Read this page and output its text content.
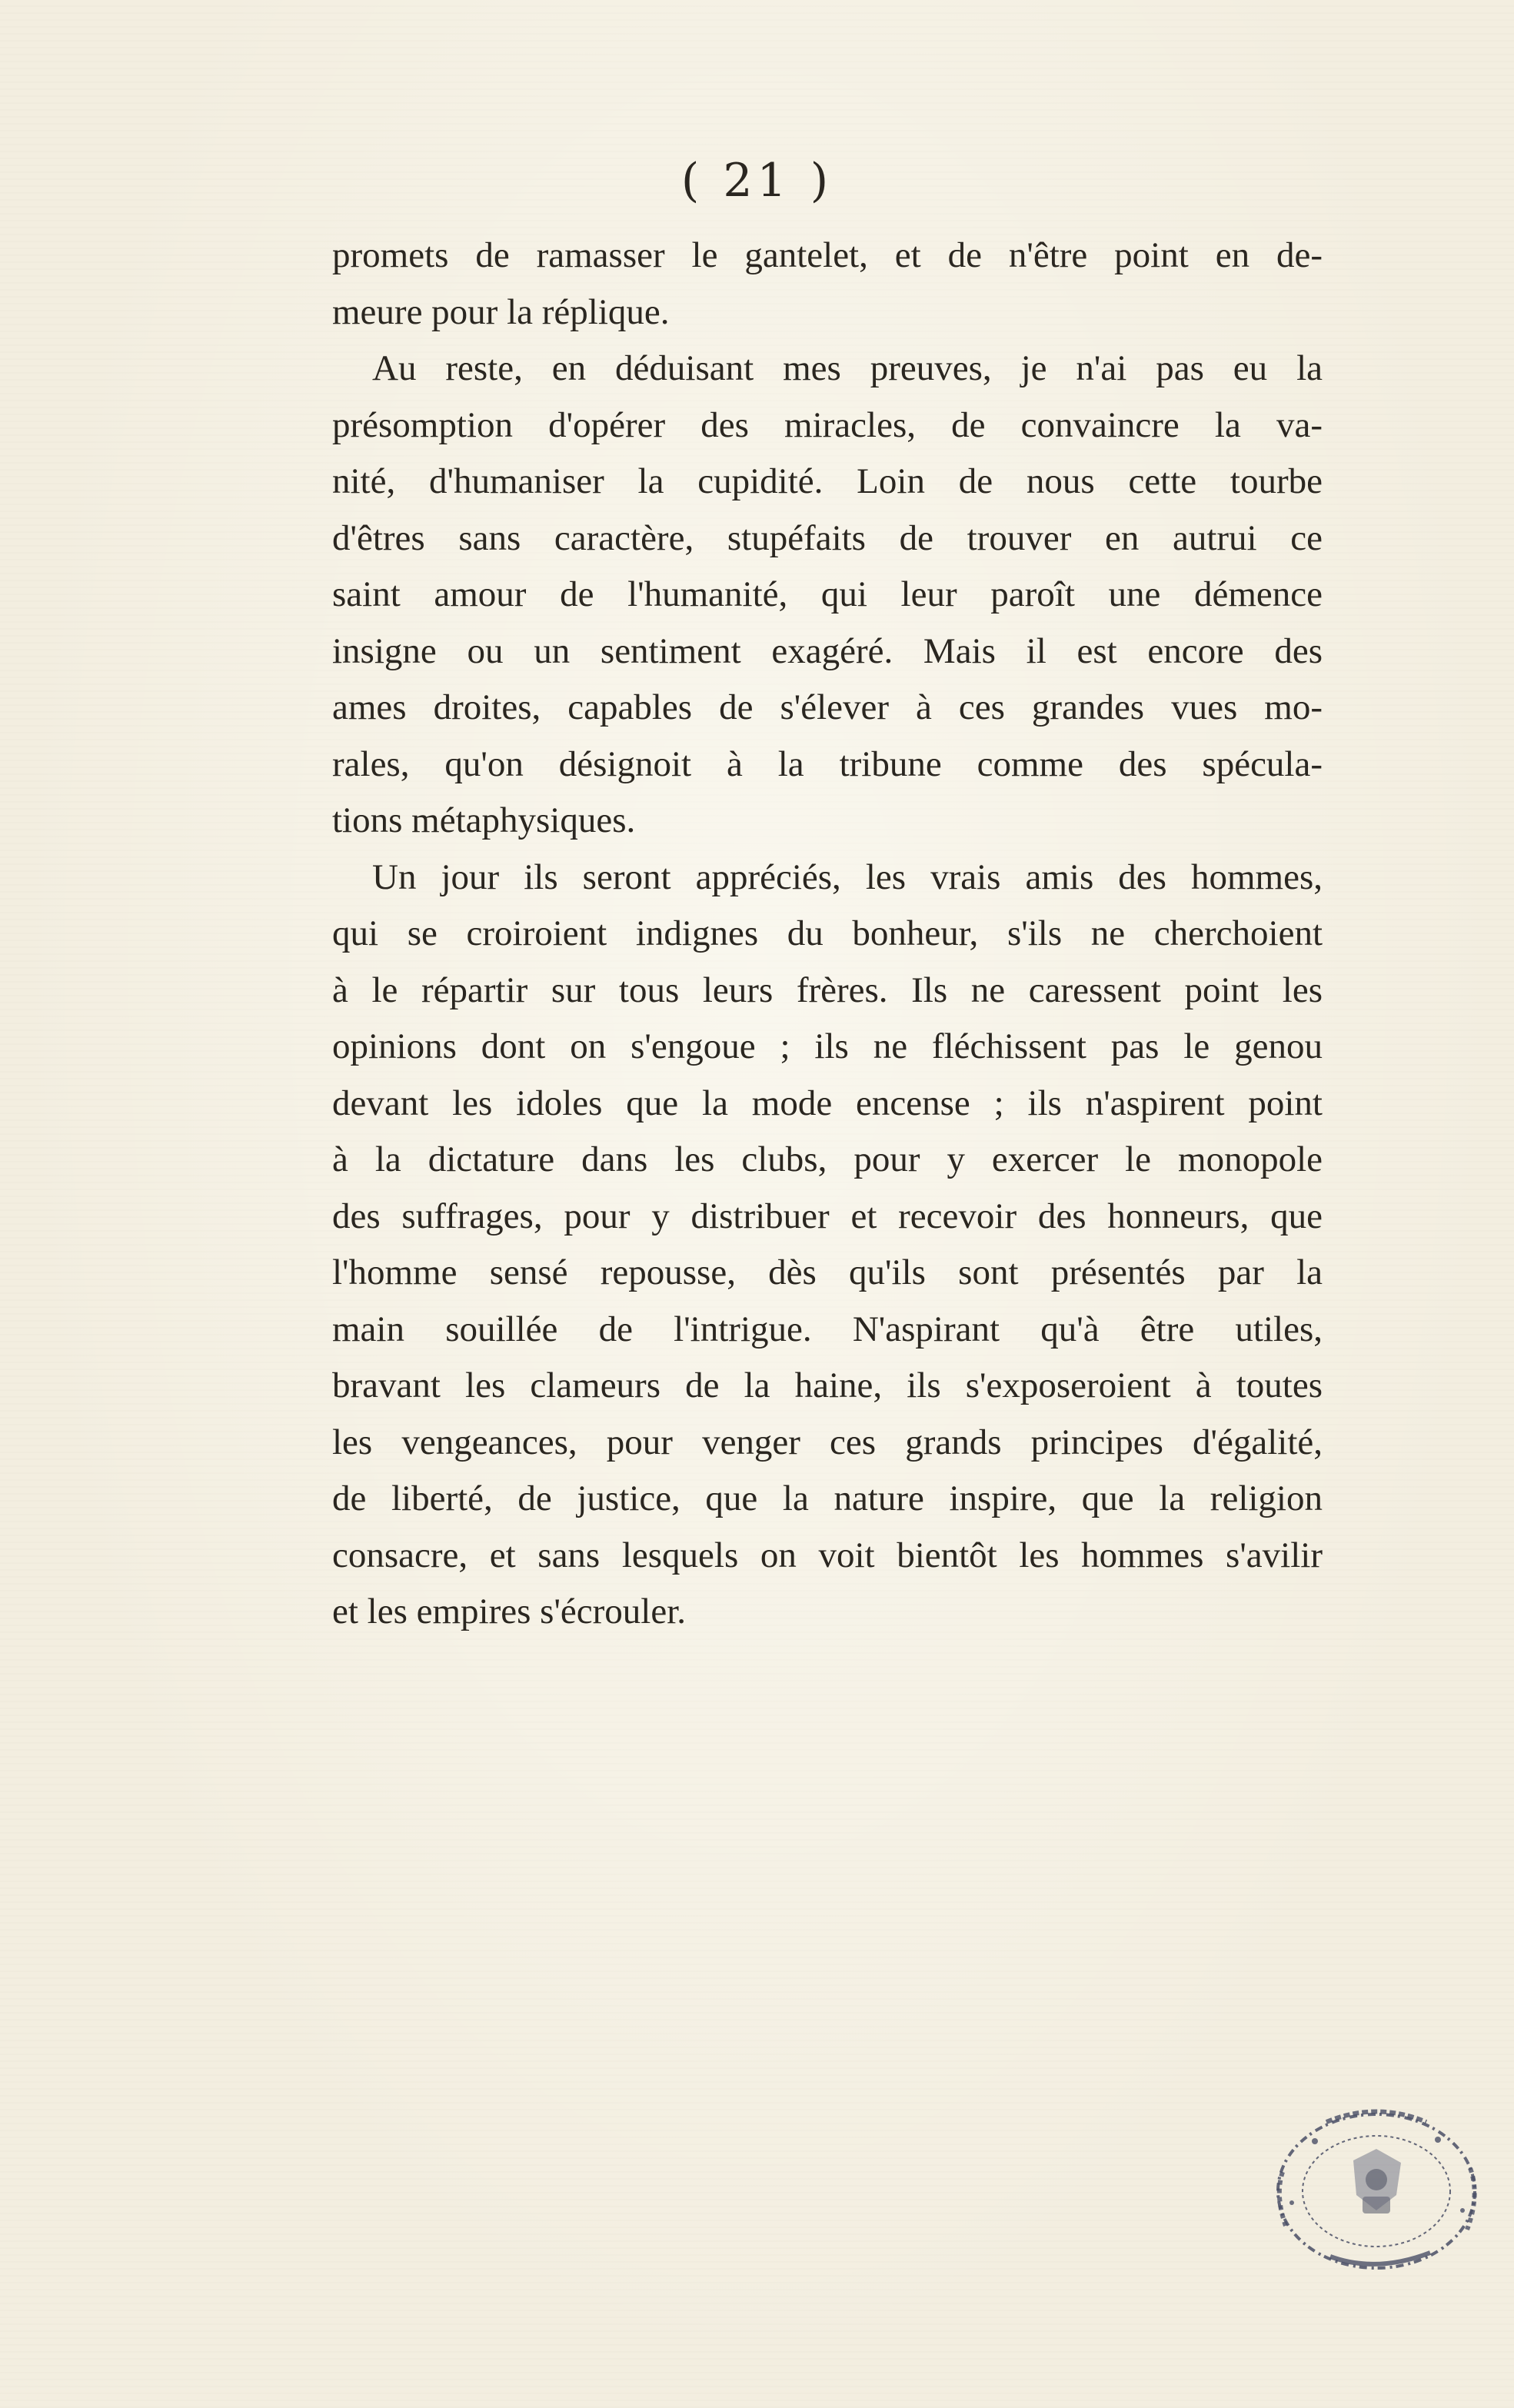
( 21 )
promets de ramasser le gantelet, et de n'être point en de-
meure pour la réplique.
Au reste, en déduisant mes preuves, je n'ai pas eu la
présomption d'opérer des miracles, de convaincre la va-
nité, d'humaniser la cupidité. Loin de nous cette tourbe
d'êtres sans caractère, stupéfaits de trouver en autrui ce
saint amour de l'humanité, qui leur paroît une démence
insigne ou un sentiment exagéré. Mais il est encore des
ames droites, capables de s'élever à ces grandes vues mo-
rales, qu'on désignoit à la tribune comme des spécula-
tions métaphysiques.
Un jour ils seront appréciés, les vrais amis des hommes,
qui se croiroient indignes du bonheur, s'ils ne cherchoient
à le répartir sur tous leurs frères. Ils ne caressent point les
opinions dont on s'engoue ; ils ne fléchissent pas le genou
devant les idoles que la mode encense ; ils n'aspirent point
à la dictature dans les clubs, pour y exercer le monopole
des suffrages, pour y distribuer et recevoir des honneurs, que
l'homme sensé repousse, dès qu'ils sont présentés par la
main souillée de l'intrigue. N'aspirant qu'à être utiles,
bravant les clameurs de la haine, ils s'exposeroient à toutes
les vengeances, pour venger ces grands principes d'égalité,
de liberté, de justice, que la nature inspire, que la religion
consacre, et sans lesquels on voit bientôt les hommes s'avilir
et les empires s'écrouler.
